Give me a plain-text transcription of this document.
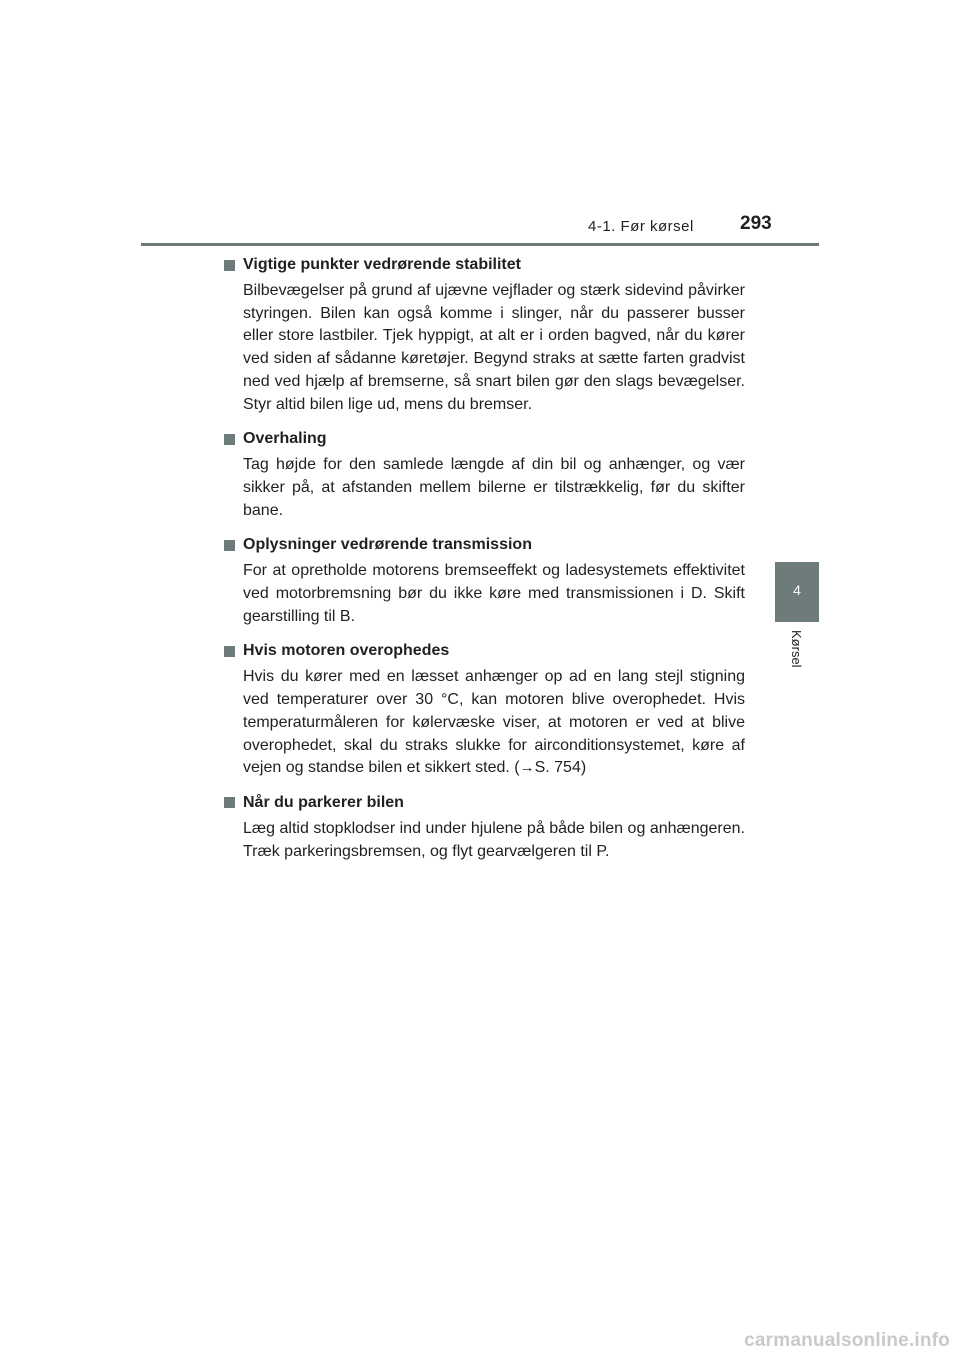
4-1. Før kørsel 293
4
Kørsel
Vigtige punkter vedrørende stabilitet

Bilbevægelser på grund af ujævne vejflader og stærk sidevind påvirker styringen. Bilen kan også komme i slinger, når du passerer busser eller store lastbiler. Tjek hyppigt, at alt er i orden bagved, når du kører ved siden af sådanne køretøjer. Begynd straks at sætte farten gradvist ned ved hjælp af bremserne, så snart bilen gør den slags bevægelser. Styr altid bilen lige ud, mens du bremser.

Overhaling

Tag højde for den samlede længde af din bil og anhænger, og vær sikker på, at afstanden mellem bilerne er tilstrækkelig, før du skifter bane.

Oplysninger vedrørende transmission

For at opretholde motorens bremseeffekt og ladesystemets effektivitet ved motorbremsning bør du ikke køre med transmissionen i D. Skift gearstilling til B.

Hvis motoren overophedes

Hvis du kører med en læsset anhænger op ad en lang stejl stigning ved temperaturer over 30 °C, kan motoren blive overophedet. Hvis temperaturmåleren for kølervæske viser, at motoren er ved at blive overophedet, skal du straks slukke for airconditionsystemet, køre af vejen og standse bilen et sikkert sted. (→S. 754)

Når du parkerer bilen

Læg altid stopklodser ind under hjulene på både bilen og anhængeren. Træk parkeringsbremsen, og flyt gearvælgeren til P.

carmanualsonline.info
